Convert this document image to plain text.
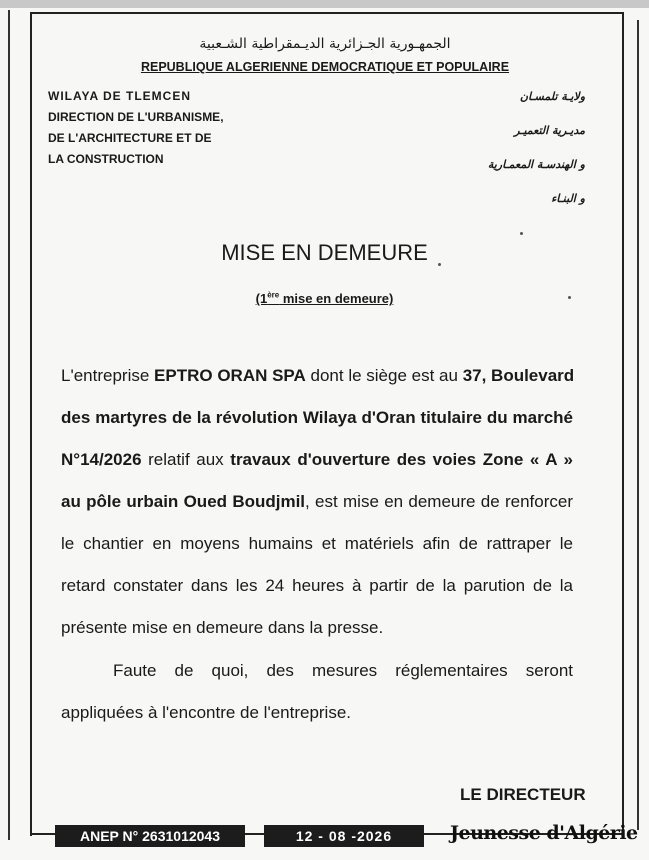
الجمهـورية الجـزائرية الديـمقراطية الشـعبية
REPUBLIQUE ALGERIENNE DEMOCRATIQUE ET POPULAIRE
WILAYA DE TLEMCEN
DIRECTION DE L'URBANISME,
DE L'ARCHITECTURE ET DE
LA CONSTRUCTION
ولايـة تلمسـان
مديـرية التعميـر
و الهندسـة المعمـارية
و البنـاء
MISE EN DEMEURE
(1ère mise en demeure)
L'entreprise EPTRO ORAN SPA dont le siège est au 37, Boulevard
des martyres de la révolution Wilaya d'Oran titulaire du marché
N°14/2026 relatif aux travaux d'ouverture des voies Zone « A »
au pôle urbain Oued Boudjmil, est mise en demeure de renforcer
le chantier en moyens humains et matériels afin de rattraper le
retard constater dans les 24 heures à partir de la parution de la
présente mise en demeure dans la presse.
Faute de quoi, des mesures réglementaires seront
appliquées à l'encontre de l'entreprise.
LE DIRECTEUR
ANEP N° 2631012043	12 - 08 -2026	Jeunesse d'Algérie
